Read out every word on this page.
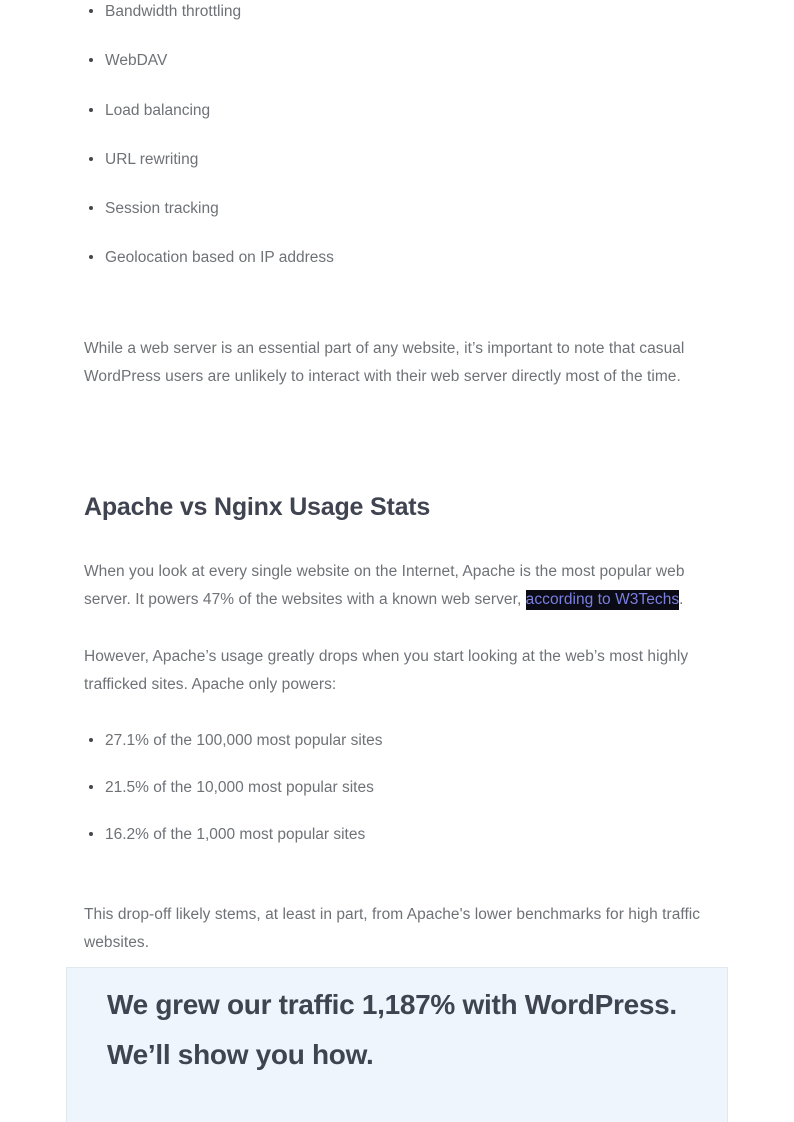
Bandwidth throttling
WebDAV
Load balancing
URL rewriting
Session tracking
Geolocation based on IP address

While a web server is an essential part of any website, it’s important to note that casual WordPress users are unlikely to interact with their web server directly most of the time.

Apache vs Nginx Usage Stats

When you look at every single website on the Internet, Apache is the most popular web server. It powers 47% of the websites with a known web server, according to W3Techs.

However, Apache’s usage greatly drops when you start looking at the web’s most highly trafficked sites. Apache only powers:

27.1% of the 100,000 most popular sites
21.5% of the 10,000 most popular sites
16.2% of the 1,000 most popular sites

This drop-off likely stems, at least in part, from Apache's lower benchmarks for high traffic websites.

We grew our traffic 1,187% with WordPress.
We’ll show you how.
